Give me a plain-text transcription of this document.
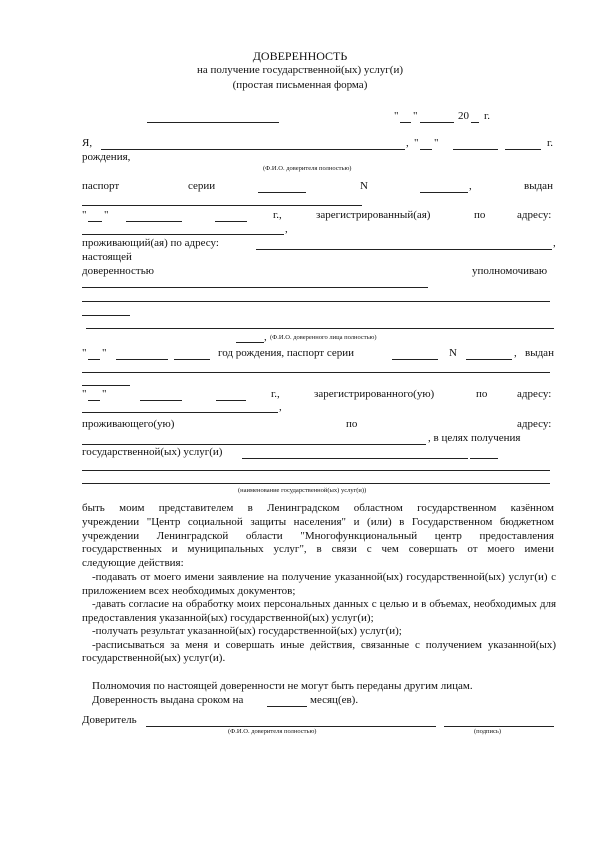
ДОВЕРЕННОСТЬ
на получение государственной(ых) услуг(и)
(простая письменная форма)
" "	20 г.
Я,	, " "	г.
рождения,
(Ф.И.О. доверителя полностью)
паспорт	серии	N	,	выдан
" "	г.,	зарегистрированный(ая)	по	адресу:
,
проживающий(ая) по адресу:	,
настоящей
доверенностью	уполномочиваю
, (Ф.И.О. доверенного лица полностью)
" "	год рождения, паспорт серии	N	, выдан
" "	г.,	зарегистрированного(ую)	по	адресу:
,
проживающего(ую)	по	адресу:
, в целях получения
государственной(ых) услуг(и)
(наименование государственной(ых) услуг(и))
быть моим представителем в Ленинградском областном государственном казённом
учреждении "Центр социальной защиты населения" и (или) в Государственном бюджетном
учреждении Ленинградской области "Многофункциональный центр предоставления
государственных и муниципальных услуг", в связи с чем совершать от моего имени
следующие действия:

-подавать от моего имени заявление на получение указанной(ых) государственной(ых) услуг(и) с приложением всех необходимых документов;

-давать согласие на обработку моих персональных данных с целью и в объемах, необходимых для предоставления указанной(ых) государственной(ых) услуг(и);

-получать результат указанной(ых) государственной(ых) услуг(и);

-расписываться за меня и совершать иные действия, связанные с получением указанной(ых) государственной(ых) услуг(и).

Полномочия по настоящей доверенности не могут быть переданы другим лицам.
Доверенность выдана сроком на	месяц(ев).
Доверитель
(Ф.И.О. доверителя полностью)	(подпись)
